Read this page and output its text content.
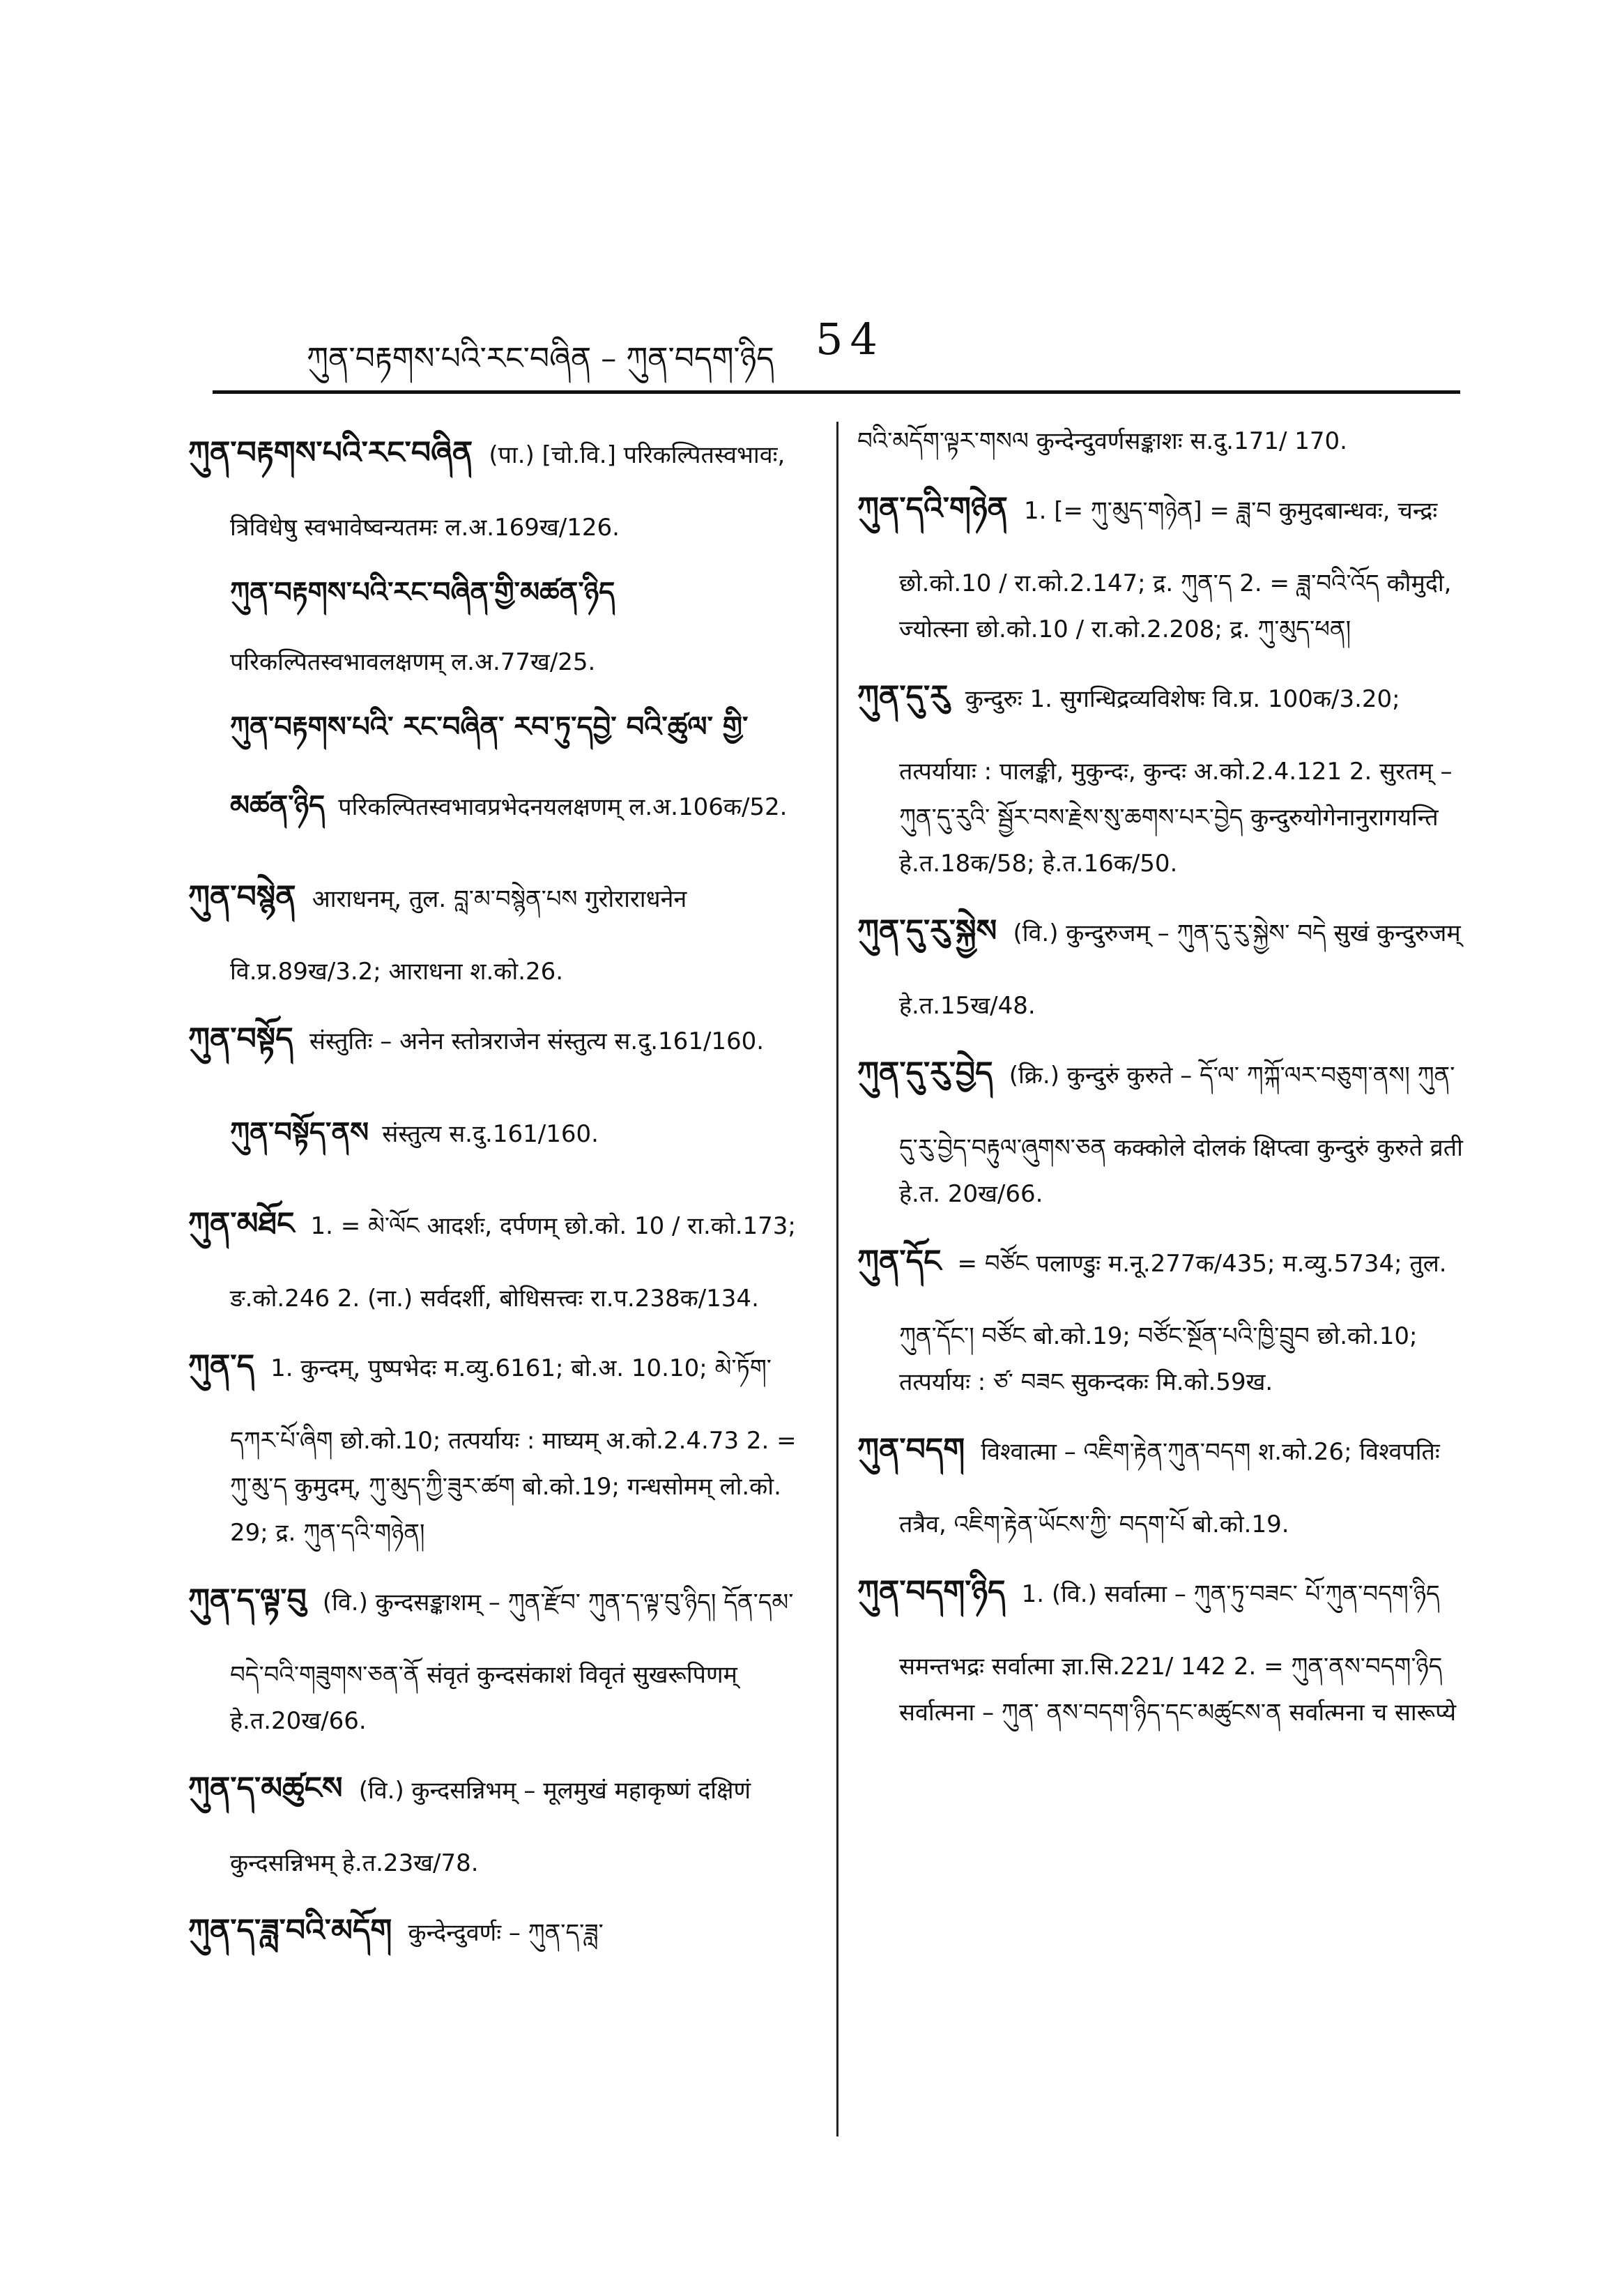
ཀུན་བརྟགས་པའི་རང་བཞིན – ཀུན་བདག་ཉིད 54
ཀུན་བརྟགས་པའི་རང་བཞིན (पा.) [चो.वि.] परिकल्पितस्वभावः, त्रिविधेषु स्वभावेष्वन्यतमः ल.अ.169ख/126.
ཀུན་བརྟགས་པའི་རང་བཞིན་གྱི་མཚན་ཉིད परिकल्पितस्वभावलक्षणम् ल.अ.77ख/25.
ཀུན་བརྟགས་པའི་ རང་བཞིན་ རབ་ཏུ་དབྱེ་ བའི་ཚུལ་ གྱི་མཚན་ཉིད परिकल्पितस्वभावप्रभेदनयलक्षणम् ल.अ.106क/52.
ཀུན་བསྙེན आराधनम्, तुल. བླ་མ་བསྙེན་པས गुरोराराधनेन वि.प्र.89ख/3.2; आराधना श.को.26.
ཀུན་བསྟོད संस्तुतिः – अनेन स्तोत्रराजेन संस्तुत्य स.दु.161/160.
ཀུན་བསྟོད་ནས संस्तुत्य स.दु.161/160.
ཀུན་མཐོང 1. = མེ་ལོང आदर्शः, दर्पणम् छो.को. 10 / रा.को.173; ङ.को.246 2. (ना.) सर्वदर्शी, बोधिसत्त्वः रा.प.238क/134.
ཀུན་ད 1. कुन्दम्, पुष्पभेदः म.व्यु.6161; बो.अ. 10.10; མེ་ཏོག་དཀར་པོ་ཞིག छो.को.10; तत्पर्यायः : माघ्यम् अ.को.2.4.73 2. = ཀུ་མུ་ད कुमुदम्, ཀུ་མུད་ཀྱི་ཟུར་ཚག बो.को.19; गन्धसोमम् लो.को. 29; द्र. ཀུན་དའི་གཉེན།
ཀུན་ད་ལྟ་བུ (वि.) कुन्दसङ्काशम् – ཀུན་རྫོབ་ ཀུན་ད་ལྟ་བུ་ཉིད། དོན་དམ་བདེ་བའི་གཟུགས་ཅན་ནོ संवृतं कुन्दसंकाशं विवृतं सुखरूपिणम् हे.त.20ख/66.
ཀུན་ད་མཚུངས (वि.) कुन्दसन्निभम् – मूलमुखं महाकृष्णं दक्षिणं कुन्दसन्निभम् हे.त.23ख/78.
ཀུན་ད་ཟླ་བའི་མདོག कुन्देन्दुवर्णः – ཀུན་ད་ཟླ་
བའི་མདོག་ལྟར་གསལ कुन्देन्दुवर्णसङ्काशः स.दु.171/ 170.
ཀུན་དའི་གཉེན 1. [= ཀུ་མུད་གཉེན] = ཟླ་བ कुमुदबान्धवः, चन्द्रः छो.को.10 / रा.को.2.147; द्र. ཀུན་ད 2. = ཟླ་བའི་འོད कौमुदी, ज्योत्स्ना छो.को.10 / रा.को.2.208; द्र. ཀུ་མུད་ཕན།
ཀུན་དུ་རུ कुन्दुरुः 1. सुगन्धिद्रव्यविशेषः वि.प्र. 100क/3.20; तत्पर्यायाः : पालङ्की, मुकुन्दः, कुन्दः अ.को.2.4.121 2. सुरतम् – ཀུན་དུ་རུའི་ སྦྱོར་བས་རྗེས་སུ་ཆགས་པར་བྱེད कुन्दुरुयोगेनानुरागयन्ति हे.त.18क/58; हे.त.16क/50.
ཀུན་དུ་རུ་སྐྱེས (वि.) कुन्दुरुजम् – ཀུན་དུ་རུ་སྐྱེས་ བདེ सुखं कुन्दुरुजम् हे.त.15ख/48.
ཀུན་དུ་རུ་བྱེད (क्रि.) कुन्दुरुं कुरुते – དོ་ལ་ ཀཀྐོ་ལར་བཅུག་ནས། ཀུན་དུ་རུ་བྱེད་བརྟུལ་ཞུགས་ཅན कक्कोले दोलकं क्षिप्त्वा कुन्दुरुं कुरुते व्रती हे.त. 20ख/66.
ཀུན་དོང = བཙོང पलाण्डुः म.नू.277क/435; म.व्यु.5734; तुल. ཀུན་དོང་། བཙོང बो.को.19; བཙོང་སྔོན་པའི་ཁྱི་བྲུབ छो.को.10; तत्पर्यायः : ཙ་ བཟང सुकन्दकः मि.को.59ख.
ཀུན་བདག विश्वात्मा – འཇིག་རྟེན་ཀུན་བདག श.को.26; विश्वपतिः तत्रैव, འཇིག་རྟེན་ཡོངས་ཀྱི་ བདག་པོ बो.को.19.
ཀུན་བདག་ཉིད 1. (वि.) सर्वात्मा – ཀུན་ཏུ་བཟང་ པོ་ཀུན་བདག་ཉིད समन्तभद्रः सर्वात्मा ज्ञा.सि.221/ 142 2. = ཀུན་ནས་བདག་ཉིད सर्वात्मना – ཀུན་ ནས་བདག་ཉིད་དང་མཚུངས་ན सर्वात्मना च सारूप्ये
